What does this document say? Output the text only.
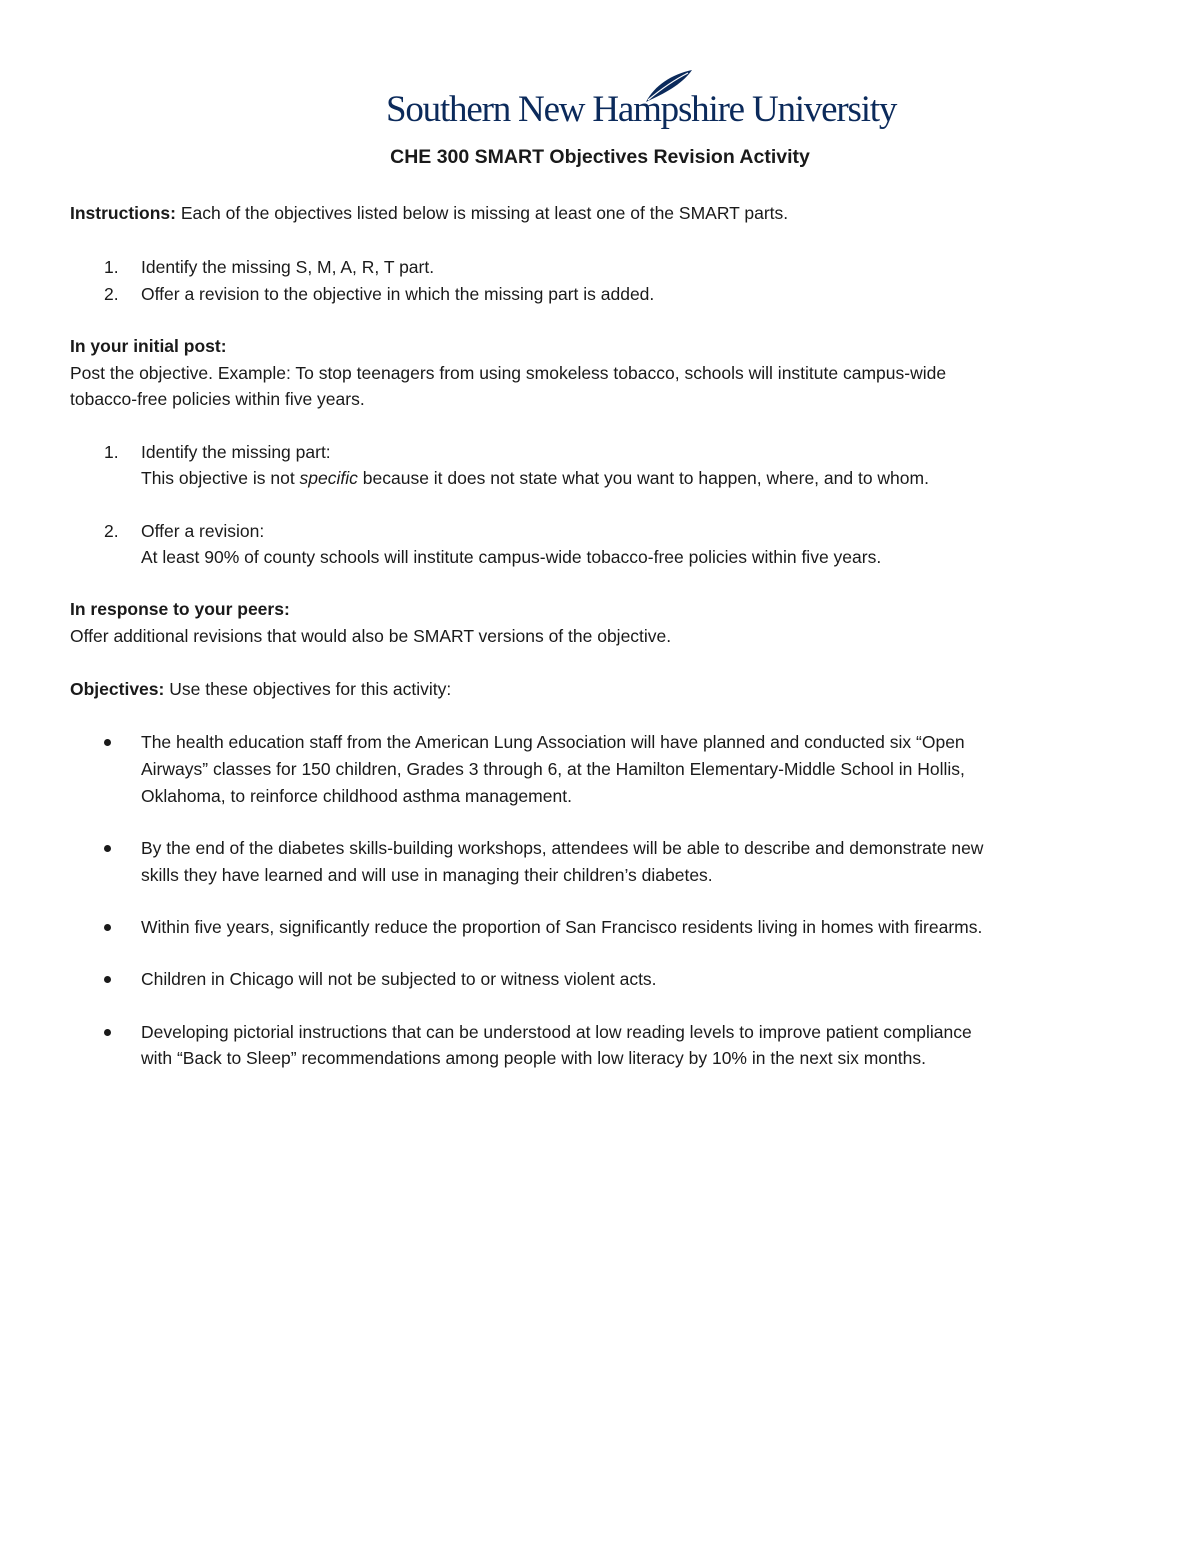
Southern New Hampshire University
CHE 300 SMART Objectives Revision Activity
Instructions: Each of the objectives listed below is missing at least one of the SMART parts.
1. Identify the missing S, M, A, R, T part.
2. Offer a revision to the objective in which the missing part is added.
In your initial post:
Post the objective. Example: To stop teenagers from using smokeless tobacco, schools will institute campus-wide
tobacco-free policies within five years.
1. Identify the missing part:
This objective is not specific because it does not state what you want to happen, where, and to whom.
2. Offer a revision:
At least 90% of county schools will institute campus-wide tobacco-free policies within five years.
In response to your peers:
Offer additional revisions that would also be SMART versions of the objective.
Objectives: Use these objectives for this activity:
The health education staff from the American Lung Association will have planned and conducted six “Open
Airways” classes for 150 children, Grades 3 through 6, at the Hamilton Elementary-Middle School in Hollis,
Oklahoma, to reinforce childhood asthma management.
By the end of the diabetes skills-building workshops, attendees will be able to describe and demonstrate new
skills they have learned and will use in managing their children’s diabetes.
Within five years, significantly reduce the proportion of San Francisco residents living in homes with firearms.
Children in Chicago will not be subjected to or witness violent acts.
Developing pictorial instructions that can be understood at low reading levels to improve patient compliance
with “Back to Sleep” recommendations among people with low literacy by 10% in the next six months.
